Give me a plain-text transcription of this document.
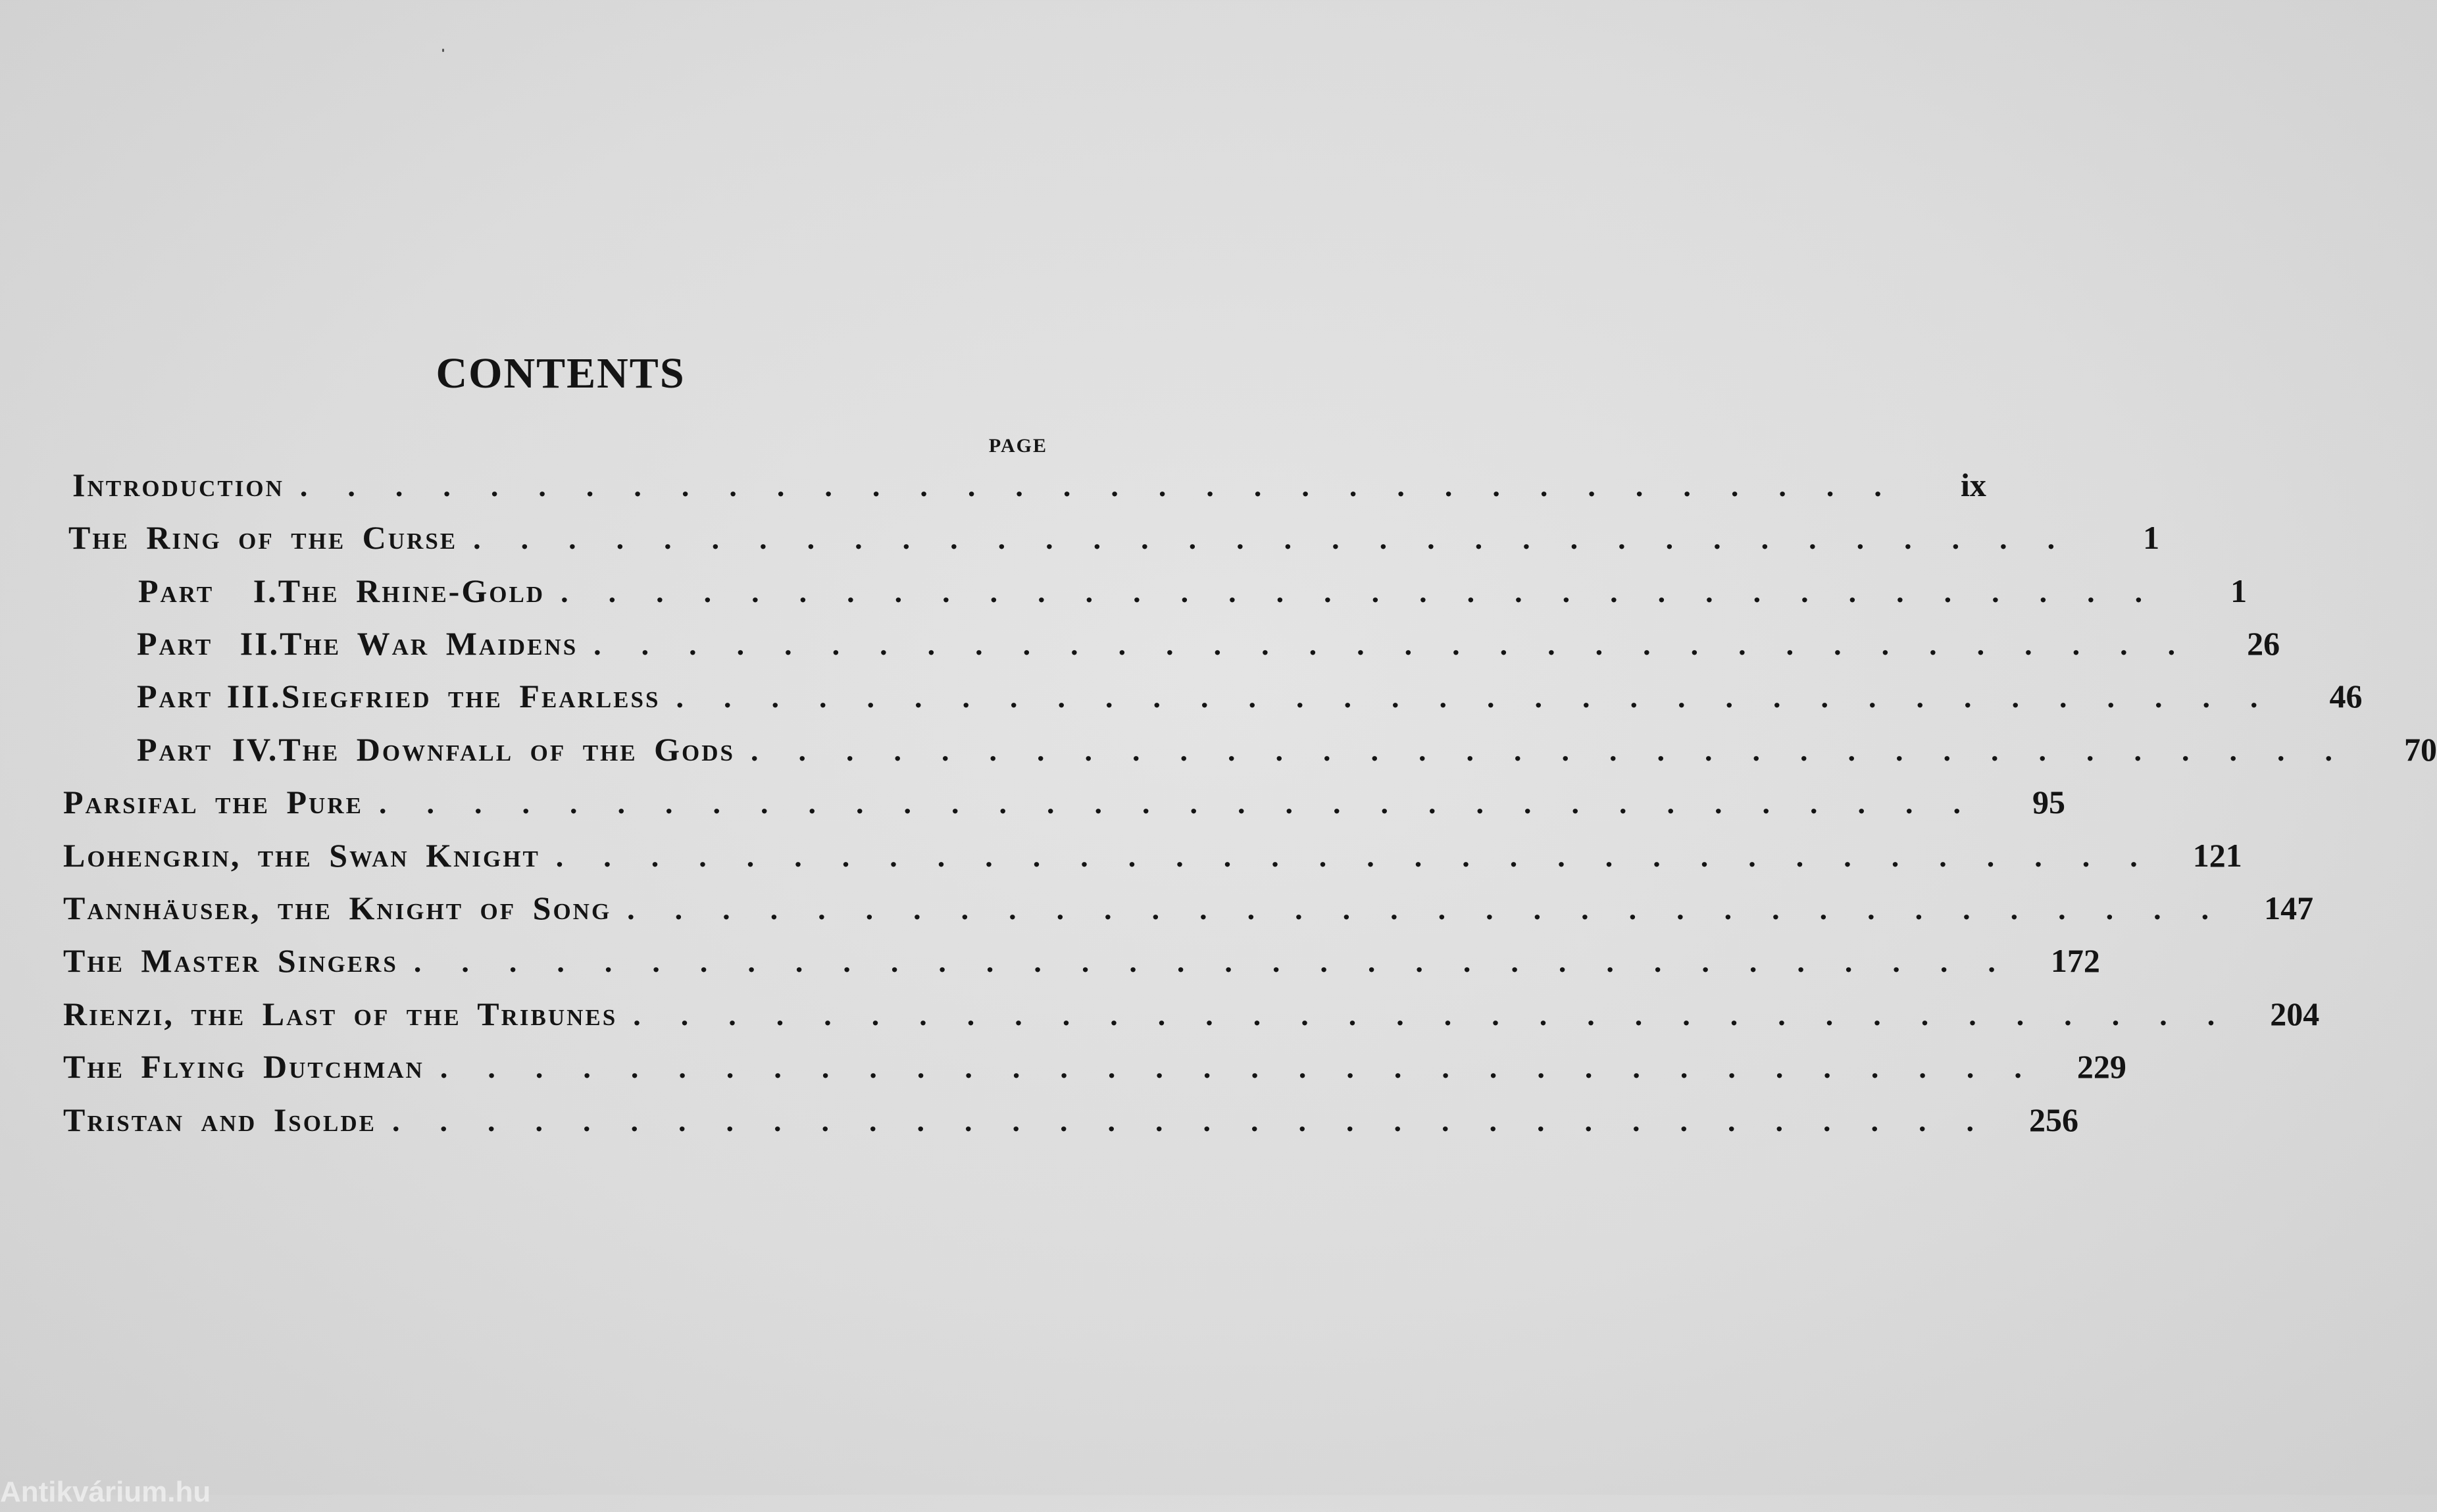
CONTENTS
PAGE
Introduction ..................................	ix
The Ring of the Curse ..................................	1
Part I. The Rhine-Gold ..................................	1
Part II. The War Maidens .................................. 26
Part III. Siegfried the Fearless .................................. 46
Part IV. The Downfall of the Gods .................................. 70
Parsifal the Pure .................................. 95
Lohengrin, the Swan Knight .................................. 121
Tannhäuser, the Knight of Song .................................. 147
The Master Singers .................................. 172
Rienzi, the Last of the Tribunes .................................. 204
The Flying Dutchman .................................. 229
Tristan and Isolde .................................. 256
Antikvárium.hu
